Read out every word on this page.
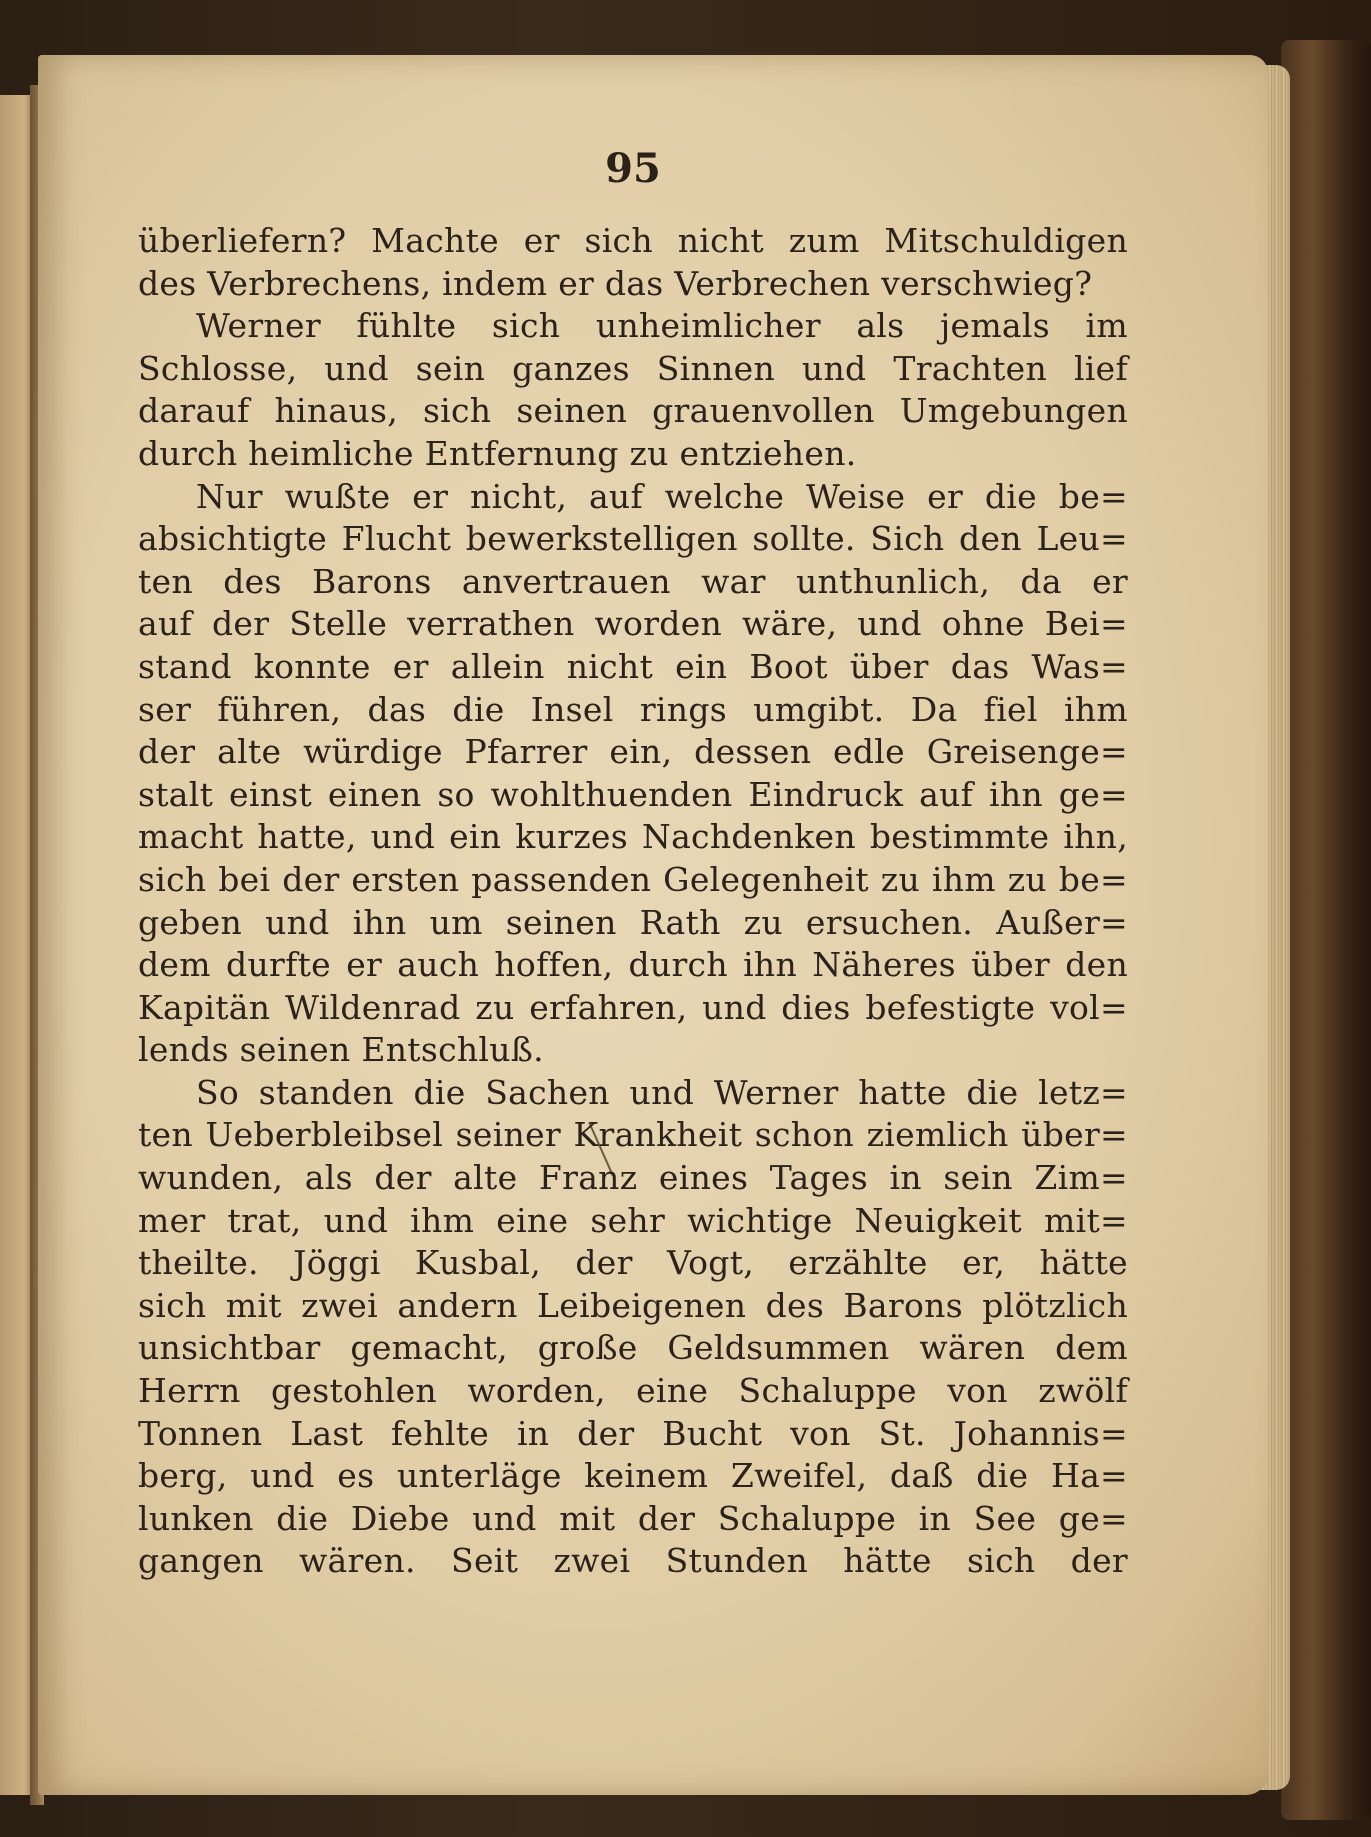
95
überliefern? Machte er sich nicht zum Mitschuldigen
des Verbrechens, indem er das Verbrechen verschwieg?
Werner fühlte sich unheimlicher als jemals im
Schlosse, und sein ganzes Sinnen und Trachten lief
darauf hinaus, sich seinen grauenvollen Umgebungen
durch heimliche Entfernung zu entziehen.
Nur wußte er nicht, auf welche Weise er die be=
absichtigte Flucht bewerkstelligen sollte. Sich den Leu=
ten des Barons anvertrauen war unthunlich, da er
auf der Stelle verrathen worden wäre, und ohne Bei=
stand konnte er allein nicht ein Boot über das Was=
ser führen, das die Insel rings umgibt. Da fiel ihm
der alte würdige Pfarrer ein, dessen edle Greisenge=
stalt einst einen so wohlthuenden Eindruck auf ihn ge=
macht hatte, und ein kurzes Nachdenken bestimmte ihn,
sich bei der ersten passenden Gelegenheit zu ihm zu be=
geben und ihn um seinen Rath zu ersuchen. Außer=
dem durfte er auch hoffen, durch ihn Näheres über den
Kapitän Wildenrad zu erfahren, und dies befestigte vol=
lends seinen Entschluß.
So standen die Sachen und Werner hatte die letz=
ten Ueberbleibsel seiner Krankheit schon ziemlich über=
wunden, als der alte Franz eines Tages in sein Zim=
mer trat, und ihm eine sehr wichtige Neuigkeit mit=
theilte. Jöggi Kusbal, der Vogt, erzählte er, hätte
sich mit zwei andern Leibeigenen des Barons plötzlich
unsichtbar gemacht, große Geldsummen wären dem
Herrn gestohlen worden, eine Schaluppe von zwölf
Tonnen Last fehlte in der Bucht von St. Johannis=
berg, und es unterläge keinem Zweifel, daß die Ha=
lunken die Diebe und mit der Schaluppe in See ge=
gangen wären. Seit zwei Stunden hätte sich der
